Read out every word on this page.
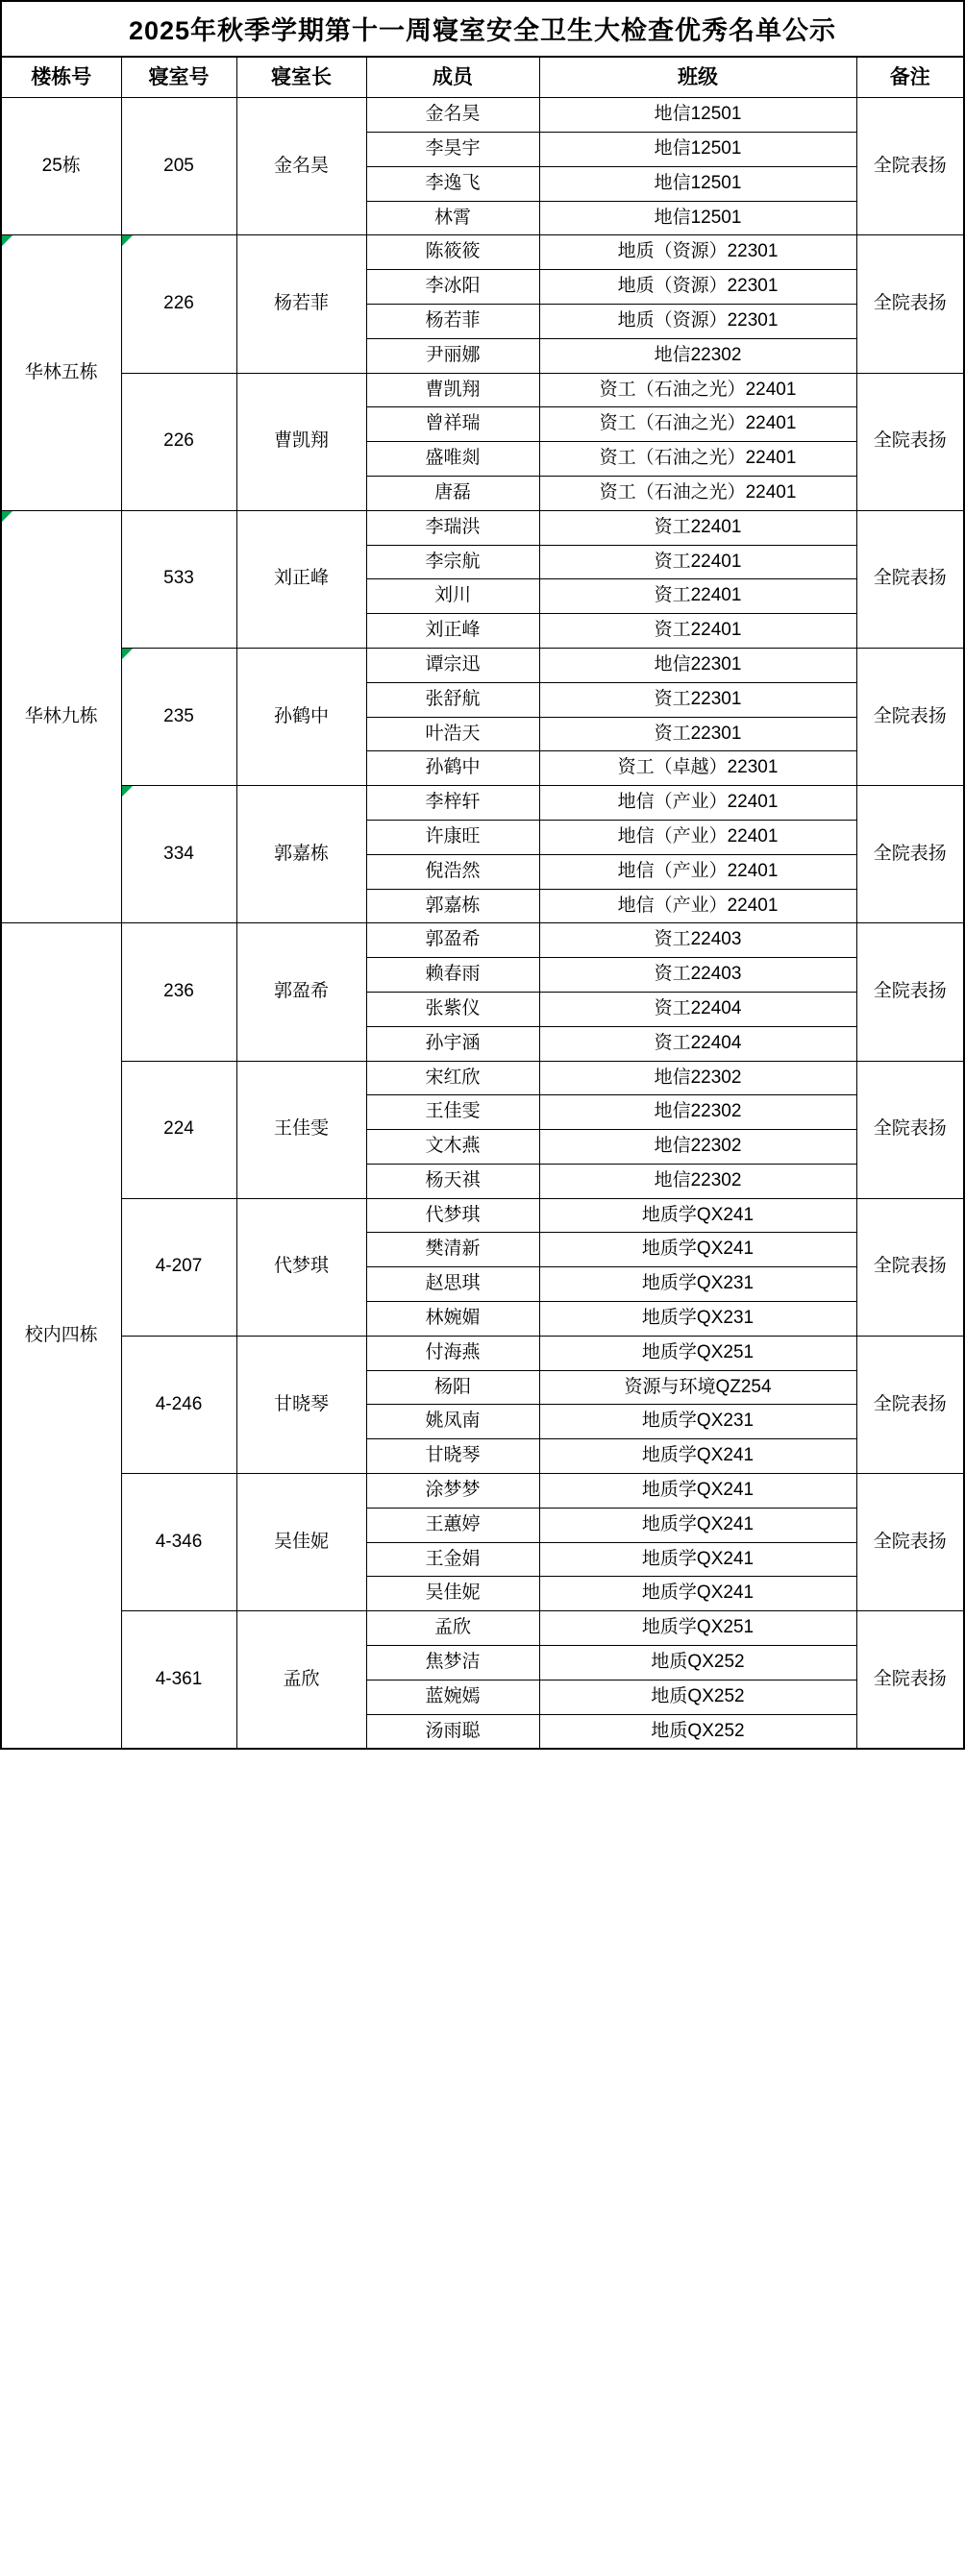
2025年秋季学期第十一周寝室安全卫生大检查优秀名单公示
楼栋号	寝室号	寝室长	成员	班级	备注
25栋	205	金名昊	金名昊	地信12501	全院表扬
			李昊宇	地信12501	
			李逸飞	地信12501	
			林霄	地信12501	
华林五栋	226	杨若菲	陈筱筱	地质（资源）22301	全院表扬
			李冰阳	地质（资源）22301	
			杨若菲	地质（资源）22301	
			尹丽娜	地信22302	
	226	曹凯翔	曹凯翔	资工（石油之光）22401	全院表扬
			曾祥瑞	资工（石油之光）22401	
			盛唯剡	资工（石油之光）22401	
			唐磊	资工（石油之光）22401	
华林九栋	533	刘正峰	李瑞洪	资工22401	全院表扬
			李宗航	资工22401	
			刘川	资工22401	
			刘正峰	资工22401	
	235	孙鹤中	谭宗迅	地信22301	全院表扬
			张舒航	资工22301	
			叶浩天	资工22301	
			孙鹤中	资工（卓越）22301	
	334	郭嘉栋	李梓轩	地信（产业）22401	全院表扬
			许康旺	地信（产业）22401	
			倪浩然	地信（产业）22401	
			郭嘉栋	地信（产业）22401	
校内四栋	236	郭盈希	郭盈希	资工22403	全院表扬
			赖春雨	资工22403	
			张紫仪	资工22404	
			孙宇涵	资工22404	
	224	王佳雯	宋红欣	地信22302	全院表扬
			王佳雯	地信22302	
			文木燕	地信22302	
			杨天祺	地信22302	
	4-207	代梦琪	代梦琪	地质学QX241	全院表扬
			樊清新	地质学QX241	
			赵思琪	地质学QX231	
			林婉媚	地质学QX231	
	4-246	甘晓琴	付海燕	地质学QX251	全院表扬
			杨阳	资源与环境QZ254	
			姚凤南	地质学QX231	
			甘晓琴	地质学QX241	
	4-346	吴佳妮	涂梦梦	地质学QX241	全院表扬
			王蕙婷	地质学QX241	
			王金娟	地质学QX241	
			吴佳妮	地质学QX241	
	4-361	孟欣	孟欣	地质学QX251	全院表扬
			焦梦洁	地质QX252	
			蓝婉嫣	地质QX252	
			汤雨聪	地质QX252	
